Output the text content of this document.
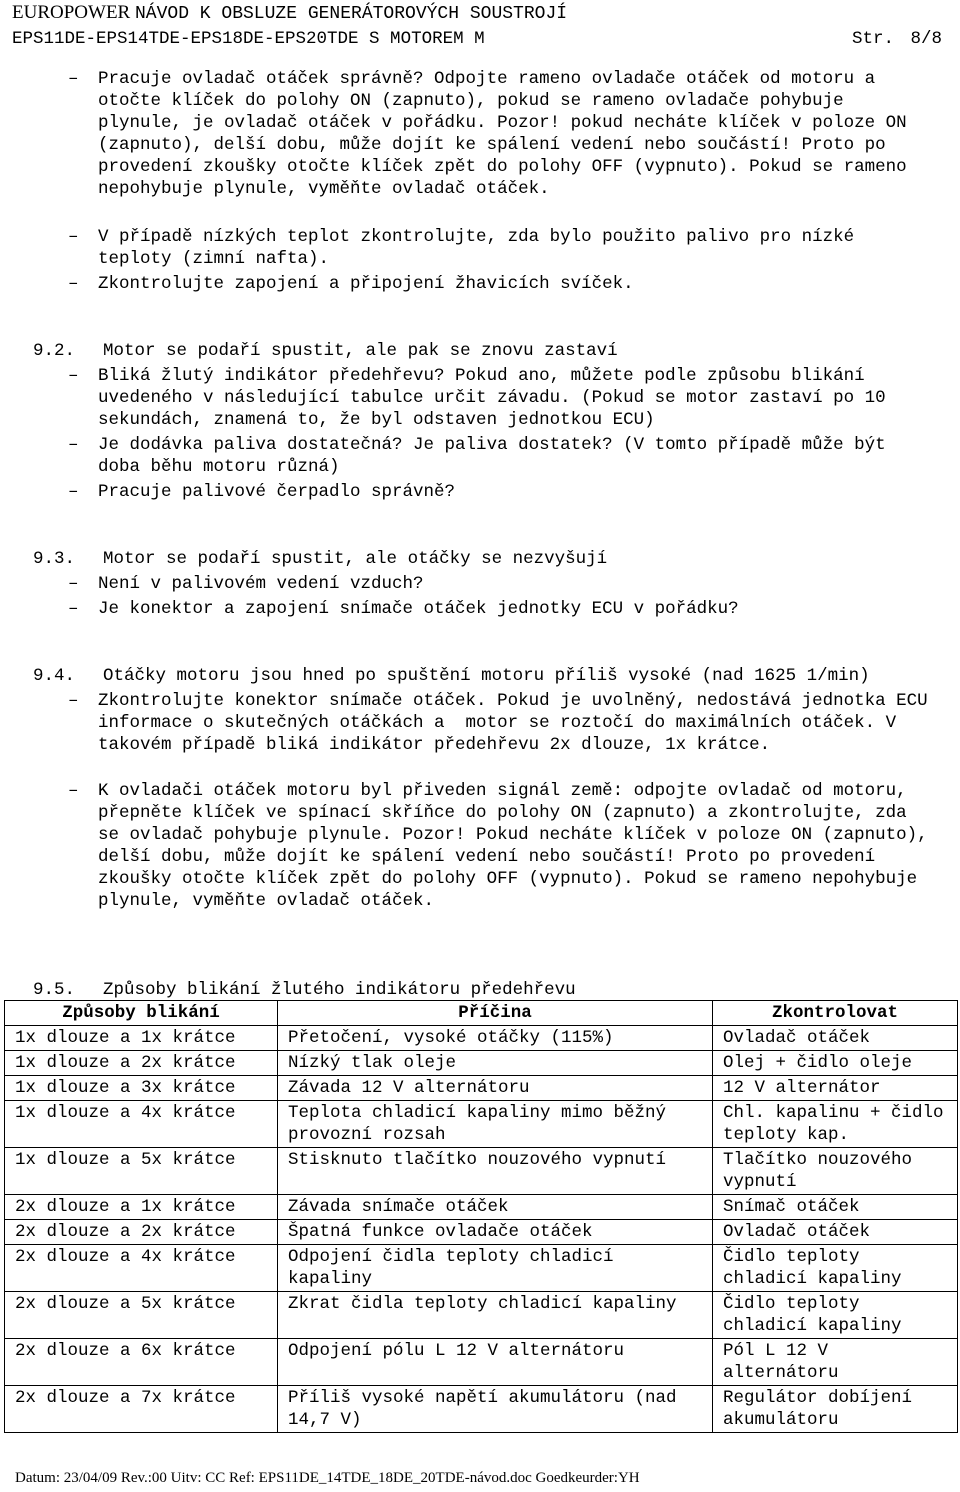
EUROPOWER NÁVOD K OBSLUZE GENERÁTOROVÝCH SOUSTROJÍ
EPS11DE-EPS14TDE-EPS18DE-EPS20TDE S MOTOREM M	Str. 8/8
–	Pracuje ovladač otáček správně? Odpojte rameno ovladače otáček od motoru a otočte klíček do polohy ON (zapnuto), pokud se rameno ovladače pohybuje plynule, je ovladač otáček v pořádku. Pozor! pokud necháte klíček v poloze ON (zapnuto), delší dobu, může dojít ke spálení vedení nebo součástí! Proto po provedení zkoušky otočte klíček zpět do polohy OFF (vypnuto). Pokud se rameno nepohybuje plynule, vyměňte ovladač otáček.
–	V případě nízkých teplot zkontrolujte, zda bylo použito palivo pro nízké teploty (zimní nafta).
–	Zkontrolujte zapojení a připojení žhavicích svíček.

9.2. Motor se podaří spustit, ale pak se znovu zastaví

–	Bliká žlutý indikátor předehřevu? Pokud ano, můžete podle způsobu blikání uvedeného v následující tabulce určit závadu. (Pokud se motor zastaví po 10 sekundách, znamená to, že byl odstaven jednotkou ECU)
–	Je dodávka paliva dostatečná? Je paliva dostatek? (V tomto případě může být doba běhu motoru různá)
–	Pracuje palivové čerpadlo správně?

9.3. Motor se podaří spustit, ale otáčky se nezvyšují

–	Není v palivovém vedení vzduch?
–	Je konektor a zapojení snímače otáček jednotky ECU v pořádku?

9.4. Otáčky motoru jsou hned po spuštění motoru příliš vysoké (nad 1625 1/min)

–	Zkontrolujte konektor snímače otáček. Pokud je uvolněný, nedostává jednotka ECU informace o skutečných otáčkách a  motor se roztočí do maximálních otáček. V takovém případě bliká indikátor předehřevu 2x dlouze, 1x krátce.
–	K ovladači otáček motoru byl přiveden signál země: odpojte ovladač od motoru, přepněte klíček ve spínací skříňce do polohy ON (zapnuto) a zkontrolujte, zda se ovladač pohybuje plynule. Pozor! Pokud necháte klíček v poloze ON (zapnuto), delší dobu, může dojít ke spálení vedení nebo součástí! Proto po provedení zkoušky otočte klíček zpět do polohy OFF (vypnuto). Pokud se rameno nepohybuje plynule, vyměňte ovladač otáček.

9.5. Způsoby blikání žlutého indikátoru předehřevu

Způsoby blikání	Příčina	Zkontrolovat
1x dlouze a 1x krátce	Přetočení, vysoké otáčky (115%)	Ovladač otáček
1x dlouze a 2x krátce	Nízký tlak oleje	Olej + čidlo oleje
1x dlouze a 3x krátce	Závada 12 V alternátoru	12 V alternátor
1x dlouze a 4x krátce	Teplota chladicí kapaliny mimo běžný provozní rozsah	Chl. kapalinu + čidlo teploty kap.
1x dlouze a 5x krátce	Stisknuto tlačítko nouzového vypnutí	Tlačítko nouzového vypnutí
2x dlouze a 1x krátce	Závada snímače otáček	Snímač otáček
2x dlouze a 2x krátce	Špatná funkce ovladače otáček	Ovladač otáček
2x dlouze a 4x krátce	Odpojení čidla teploty chladicí kapaliny	Čidlo teploty chladicí kapaliny
2x dlouze a 5x krátce	Zkrat čidla teploty chladicí kapaliny	Čidlo teploty chladicí kapaliny
2x dlouze a 6x krátce	Odpojení pólu L 12 V alternátoru	Pól L 12 V alternátoru
2x dlouze a 7x krátce	Příliš vysoké napětí akumulátoru (nad 14,7 V)	Regulátor dobíjení akumulátoru
Datum: 23/04/09 Rev.:00 Uitv: CC Ref: EPS11DE_14TDE_18DE_20TDE-návod.doc Goedkeurder:YH
